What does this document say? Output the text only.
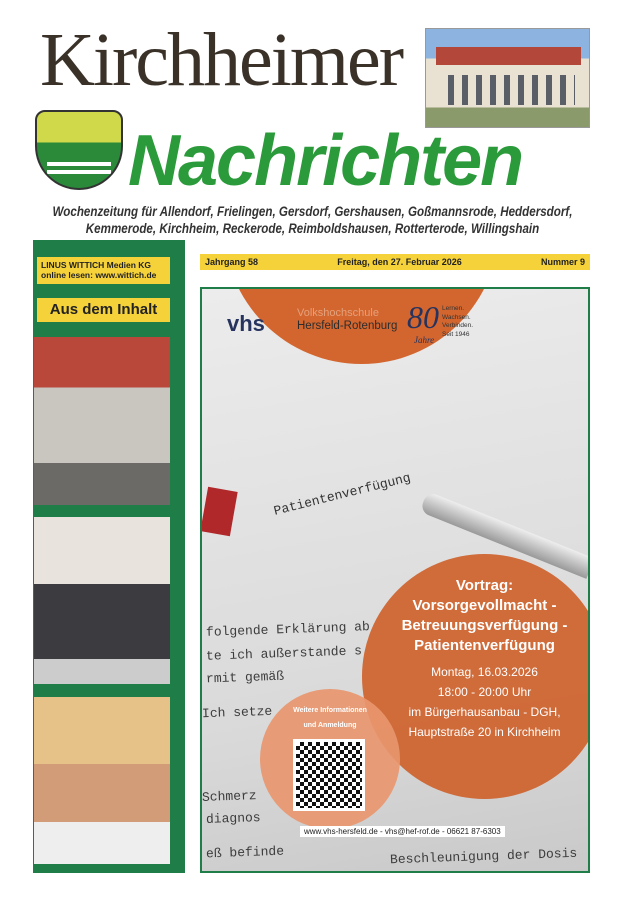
Kirchheimer
Nachrichten
Wochenzeitung für Allendorf, Frielingen, Gersdorf, Gershausen, Goßmannsrode, Heddersdorf,
Kemmerode, Kirchheim, Reckerode, Reimboldshausen, Rotterterode, Willingshain
LINUS WITTICH Medien KG
online lesen: www.wittich.de
Aus dem Inhalt
Jahrgang 58	Freitag, den 27. Februar 2026	Nummer 9
Patientenverfügung
vhs	Volkshochschule
Hersfeld-Rotenburg 80
Jahre
Lernen.
Wachsen.
Verbinden.
Seit 1946
Vortrag:
Vorsorgevollmacht -
Betreuungsverfügung -
Patientenverfügung
Montag, 16.03.2026
18:00 - 20:00 Uhr
im Bürgerhausanbau - DGH,
Hauptstraße 20 in Kirchheim
Weitere Informationen
und Anmeldung
www.vhs-hersfeld.de - vhs@hef-rof.de - 06621 87-6303
folgende Erklärung ab
te ich außerstande s
rmit gemäß
Ich setze
Schmerz
diagnos
eß befinde	Beschleunigung der Dosis
